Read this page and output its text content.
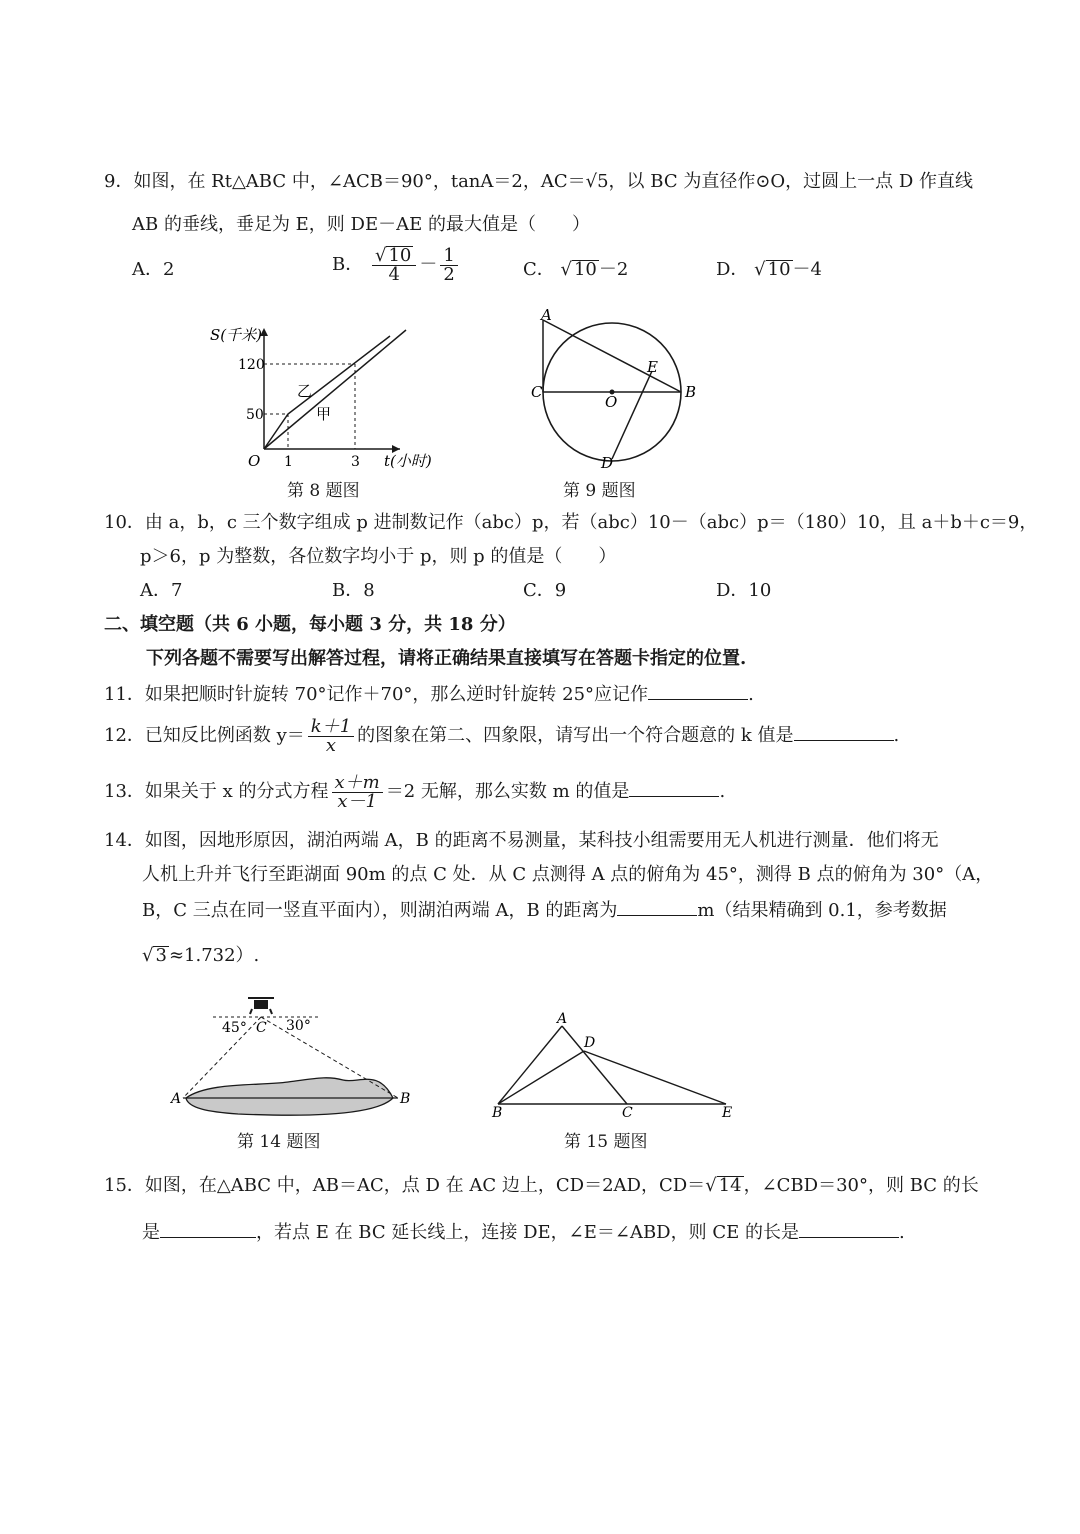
9．如图，在 Rt△ABC 中，∠ACB＝90°，tanA＝2，AC＝√5，以 BC 为直径作⊙O，过圆上一点 D 作直线
AB 的垂线，垂足为 E，则 DE－AE 的最大值是（　　）
A．2	B． $\frac{√ 10}{4} - \frac{1}{2}$	C． √ 10 －2	D． √ 10 －4
S(千米)
120
50
O 1	3 t(小时)
乙
甲
第 8 题图
A
B
C
D
E
O
第 9 题图
10．由 a，b，c 三个数字组成 p 进制数记作（abc）p，若（abc）10－（abc）p＝（180）10，且 a＋b＋c＝9，
p＞6，p 为整数，各位数字均小于 p，则 p 的值是（　　）
A．7	B．8	C．9	D．10
二、填空题（共 6 小题，每小题 3 分，共 18 分）
下列各题不需要写出解答过程，请将正确结果直接填写在答题卡指定的位置.
11．如果把顺时针旋转 70°记作＋70°，那么逆时针旋转 25°应记作	.
12．已知反比例函数 $y= \frac{k+1}{x}$ 的图象在第二、四象限，请写出一个符合题意的 k 值是	.
13．如果关于 x 的分式方程 $\frac{x+m}{x-1} =2$ 无解，那么实数 m 的值是	.
14．如图，因地形原因，湖泊两端 A，B 的距离不易测量，某科技小组需要用无人机进行测量．他们将无
人机上升并飞行至距湖面 90m 的点 C 处．从 C 点测得 A 点的俯角为 45°，测得 B 点的俯角为 30°（A，
B，C 三点在同一竖直平面内），则湖泊两端 A，B 的距离为	m（结果精确到 0.1，参考数据
√ 3 ≈1.732）.
45°	30°
C
A	B
第 14 题图
A
B	C
D
E
第 15 题图
15．如图，在△ABC 中，AB＝AC，点 D 在 AC 边上，CD＝2AD，CD＝√ 14 ，∠CBD＝30°，则 BC 的长
是	，若点 E 在 BC 延长线上，连接 DE，∠E＝∠ABD，则 CE 的长是	.
